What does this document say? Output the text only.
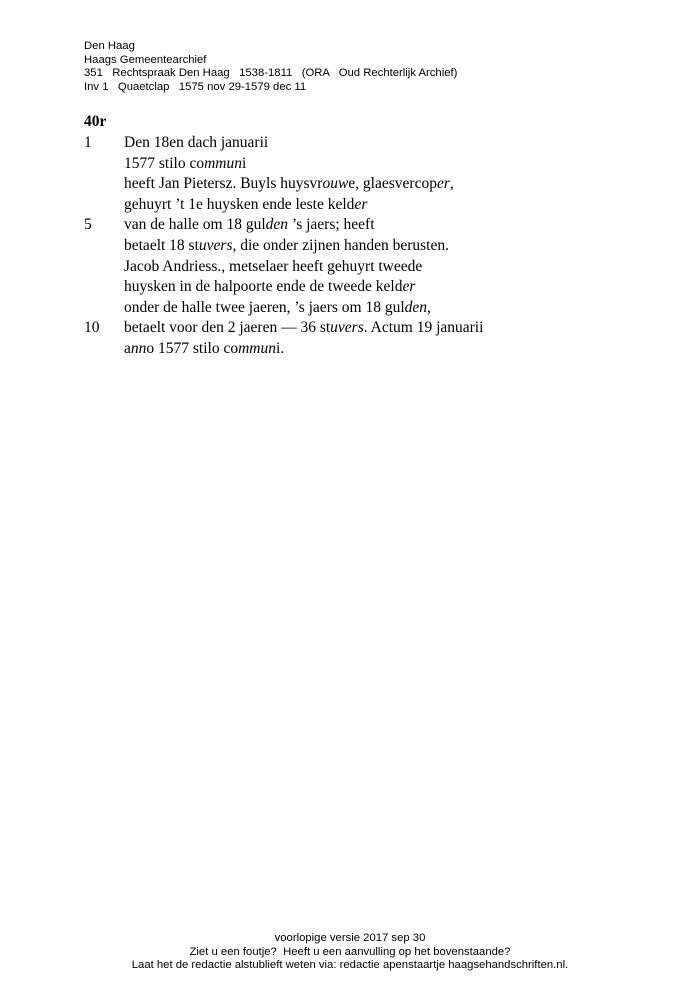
Den Haag
Haags Gemeentearchief
351   Rechtspraak Den Haag   1538-1811   (ORA   Oud Rechterlijk Archief)
Inv 1   Quaetclap   1575 nov 29-1579 dec 11
40r
1	Den 18en dach januarii
1577 stilo communi
heeft Jan Pietersz. Buyls huysvrouwe, glaesvercoper,
gehuyrt ’t 1e huysken ende leste kelder
5	van de halle om 18 gulden ’s jaers; heeft
betaelt 18 stuvers, die onder zijnen handen berusten.
Jacob Andriess., metselaer heeft gehuyrt tweede
huysken in de halpoorte ende de tweede kelder
onder de halle twee jaeren, ’s jaers om 18 gulden,
10	betaelt voor den 2 jaeren — 36 stuvers. Actum 19 januarii
anno 1577 stilo communi.
voorlopige versie 2017 sep 30
Ziet u een foutje?  Heeft u een aanvulling op het bovenstaande?
Laat het de redactie alstublieft weten via: redactie apenstaartje haagsehandschriften.nl.
